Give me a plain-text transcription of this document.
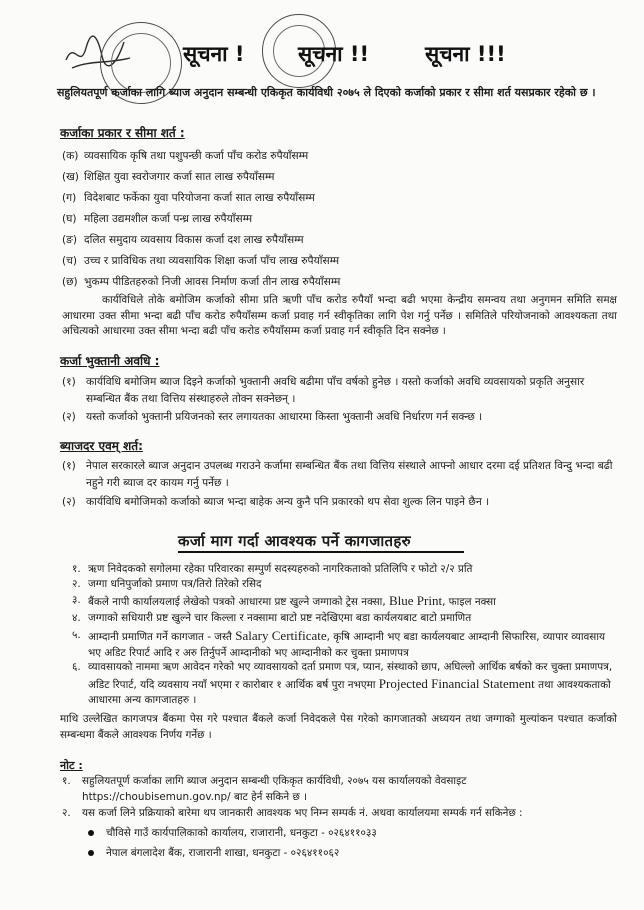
सूचना !	सूचना !!	सूचना !!!
सहुलियतपूर्ण कर्जाका लागि ब्याज अनुदान सम्बन्धी एकिकृत कार्यविधी २०७५ ले दिएको कर्जाको प्रकार र सीमा शर्त यसप्रकार रहेको छ ।
कर्जाका प्रकार र सीमा शर्त :
(क) व्यवसायिक कृषि तथा पशुपन्छी कर्जा पाँच करोड रुपैयाँसम्म
(ख) शिक्षित युवा स्वरोजगार कर्जा सात लाख रुपैयाँसम्म
(ग) विदेशबाट फर्केका युवा परियोजना कर्जा सात लाख रुपैयाँसम्म
(घ) महिला उद्यमशील कर्जा पन्ध्र लाख रुपैयाँसम्म
(ङ) दलित समुदाय व्यवसाय विकास कर्जा दश लाख रुपैयाँसम्म
(च) उच्च र प्राविधिक तथा व्यवसायिक शिक्षा कर्जा पाँच लाख रुपैयाँसम्म
(छ) भुकम्प पीडितहरुको निजी आवस निर्माण कर्जा तीन लाख रुपैयाँसम्म
कार्यविधिले तोके बमोजिम कर्जाको सीमा प्रति ऋणी पाँच करोड रुपैयाँ भन्दा बढी भएमा केन्द्रीय समन्वय तथा अनुगमन समिति समक्ष आधारमा उक्त सीमा भन्दा बढी पाँच करोड रुपैयाँसम्म कर्जा प्रवाह गर्न स्वीकृतिका लागि पेश गर्नु पर्नेछ । समितिले परियोजनाको आवश्यकता तथा अचित्यको आधारमा उक्त सीमा भन्दा बढी पाँच करोड रुपैयाँसम्म कर्जा प्रवाह गर्न स्वीकृति दिन सक्नेछ ।
कर्जा भुक्तानी अवधि :
(१) कार्यविधि बमोजिम ब्याज दिइने कर्जाको भुक्तानी अवधि बढीमा पाँच वर्षको हुनेछ । यस्तो कर्जाको अवधि व्यवसायको प्रकृति अनुसार सम्बन्धित बैंक तथा वित्तिय संस्थाहरुले तोक्न सक्नेछन् ।
(२) यस्तो कर्जाको भुक्तानी प्रयिजनको स्तर लगायतका आधारमा किस्ता भुक्तानी अवधि निर्धारण गर्न सक्न्छ ।
ब्याजदर एवम् शर्त:
(१) नेपाल सरकारले ब्याज अनुदान उपलब्ध गराउने कर्जामा सम्बन्धित बैंक तथा वित्तिय संस्थाले आफ्नो आधार दरमा दई प्रतिशत विन्दु भन्दा बढी नहुने गरी ब्याज दर कायम गर्नु पर्नेछ ।
(२) कार्यविधि बमोजिमको कर्जाको ब्याज भन्दा बाहेक अन्य कुनै पनि प्रकारको थप सेवा शुल्क लिन पाइने छैन ।
कर्जा माग गर्दा आवश्यक पर्ने कागजातहरु
१. ऋण निवेदकको सगोलमा रहेका परिवारका सम्पुर्ण सदस्यहरुको नागरिकताको प्रतिलिपि र फोटो २/२ प्रति
२. जग्गा धनिपुर्जाको प्रमाण पत्र/तिरो तिरेको रसिद
३. बैंकले नापी कार्यालयलाई लेखेको पत्रको आधारमा प्रष्ट खुल्ने जग्गाको ट्रेस नक्सा, Blue Print, फाइल नक्सा
४. जग्गाको सधियारी प्रष्ट खुल्ने चार किल्ला र नक्सामा बाटो प्रष्ट नदेखिएमा बडा कार्यलयबाट बाटो प्रमाणित
५. आम्दानी प्रमाणित गर्ने कागजात - जस्तै Salary Certificate, कृषि आम्दानी भए बडा कार्यलयबाट आम्दानी सिफारिस, व्यापार व्यावसाय भए अडिट रिपार्ट आदि र अरु तिर्नुपर्ने आम्दानीको भए आम्दानीको कर चुक्ता प्रमाणपत्र
६. व्यावसायको नाममा ऋण आवेदन गरेको भए व्यावसायको दर्ता प्रमाण पत्र, प्यान, संस्थाको छाप, अघिल्लो आर्थिक बर्षको कर चुक्ता प्रमाणपत्र, अडिट रिपार्ट, यदि व्यवसाय नयाँ भएमा र कारोबार १ आर्थिक बर्ष पुरा नभएमा Projected Financial Statement तथा आवश्यकताको आधारमा अन्य कागजातहरु ।
माथि उल्लेखित कागजपत्र बैंकमा पेस गरे पश्चात बैंकले कर्जा निवेदकले पेस गरेको कागजातको अध्ययन तथा जग्गाको मुल्यांकन पश्चात कर्जाको सम्बन्धमा बैंकले आवश्यक निर्णय गर्नेछ ।
नोट :
१.	सहुलियतपूर्ण कर्जाका लागि ब्याज अनुदान सम्बन्धी एकिकृत कार्यविधी, २०७५ यस कार्यालयको वेवसाइट https://choubisemun.gov.np/ बाट हेर्न सकिने छ ।
२.	यस कर्जा लिने प्रक्रियाको बारेमा थप जानकारी आवश्यक भए निम्न सम्पर्क नं. अथवा कार्यालयमा सम्पर्क गर्न सकिनेछ :
चौविसे गाउँ कार्यपालिकाको कार्यालय, राजारानी, धनकुटा - ०२६४११०३३
नेपाल बंगलादेश बैंक, राजारानी शाखा, धनकुटा - ०२६४११०६२
